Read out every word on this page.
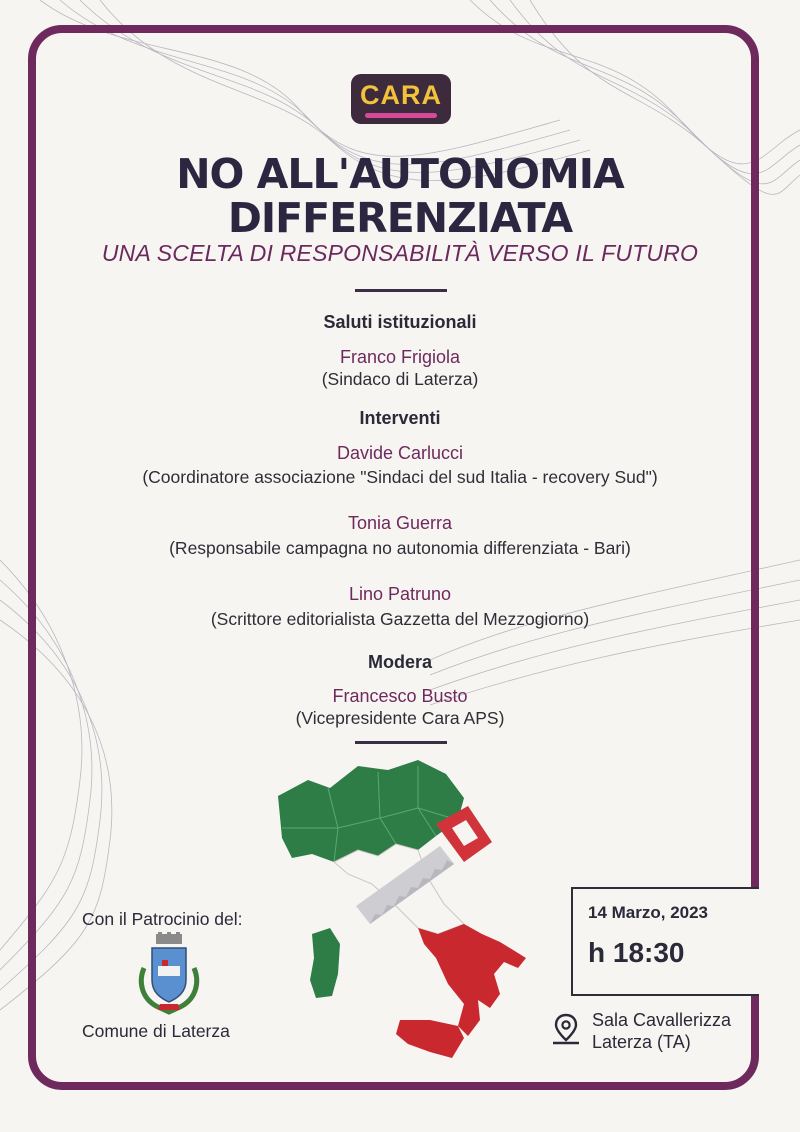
CARA
NO ALL'AUTONOMIA
DIFFERENZIATA
UNA SCELTA DI RESPONSABILITÀ VERSO IL FUTURO
Saluti istituzionali
Franco Frigiola
(Sindaco di Laterza)
Interventi
Davide Carlucci
(Coordinatore associazione "Sindaci del sud Italia - recovery Sud")
Tonia Guerra
(Responsabile campagna no autonomia differenziata - Bari)
Lino Patruno
(Scrittore editorialista Gazzetta del Mezzogiorno)
Modera
Francesco Busto
(Vicepresidente Cara APS)
Con il Patrocinio del:
Comune di Laterza
14 Marzo, 2023
h 18:30
Sala Cavallerizza
Laterza (TA)
